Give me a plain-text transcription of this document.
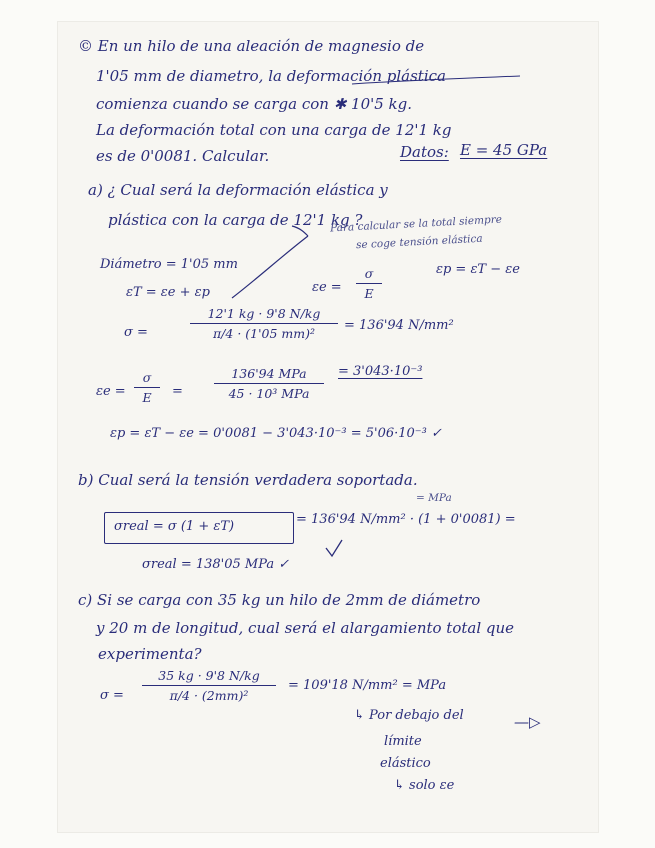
© En un hilo de una aleación de magnesio de
1'05 mm de diametro, la deformación plástica
comienza cuando se carga con ✱ 10'5 kg.
La deformación total con una carga de 12'1 kg
es de 0'0081. Calcular.	Datos: E = 45 GPa
a) ¿ Cual será la deformación elástica y
plástica con la carga de 12'1 kg ?
Para calcular se la total siempre
se coge tensión elástica
Diámetro = 1'05 mm
ɛT = ɛe + ɛp	ɛe = $\frac{\sigma}{E}$	ɛp = ɛT − ɛe
σ =	$\frac{12'1 kg \cdot 9'8 N/kg}{\text{π/4 · (1'05 mm)²}} = 136'94$ N/mm²
ɛe = $\frac{\sigma}{E}$ =
136'94 MPa
45 · 10³ MPa
= 3'043·10⁻³
ɛp = ɛT − ɛe = 0'0081 − 3'043·10⁻³ = 5'06·10⁻³ ✓
b) Cual será la tensión verdadera soportada.
= MPa
σreal = σ (1 + ɛT)	= 136'94 N/mm² · (1 + 0'0081) =
σreal = 138'05 MPa ✓
c) Si se carga con 35 kg un hilo de 2mm de diámetro
y 20 m de longitud, cual será el alargamiento total que
experimenta?
$\sigma = \frac{35 kg \cdot 9'8 N/kg}{\text{π/4 · (2mm)²}} = 109'18$ N/mm² = MPa
↳ Por debajo del
límite
elástico
↳ solo ɛe
—▷
